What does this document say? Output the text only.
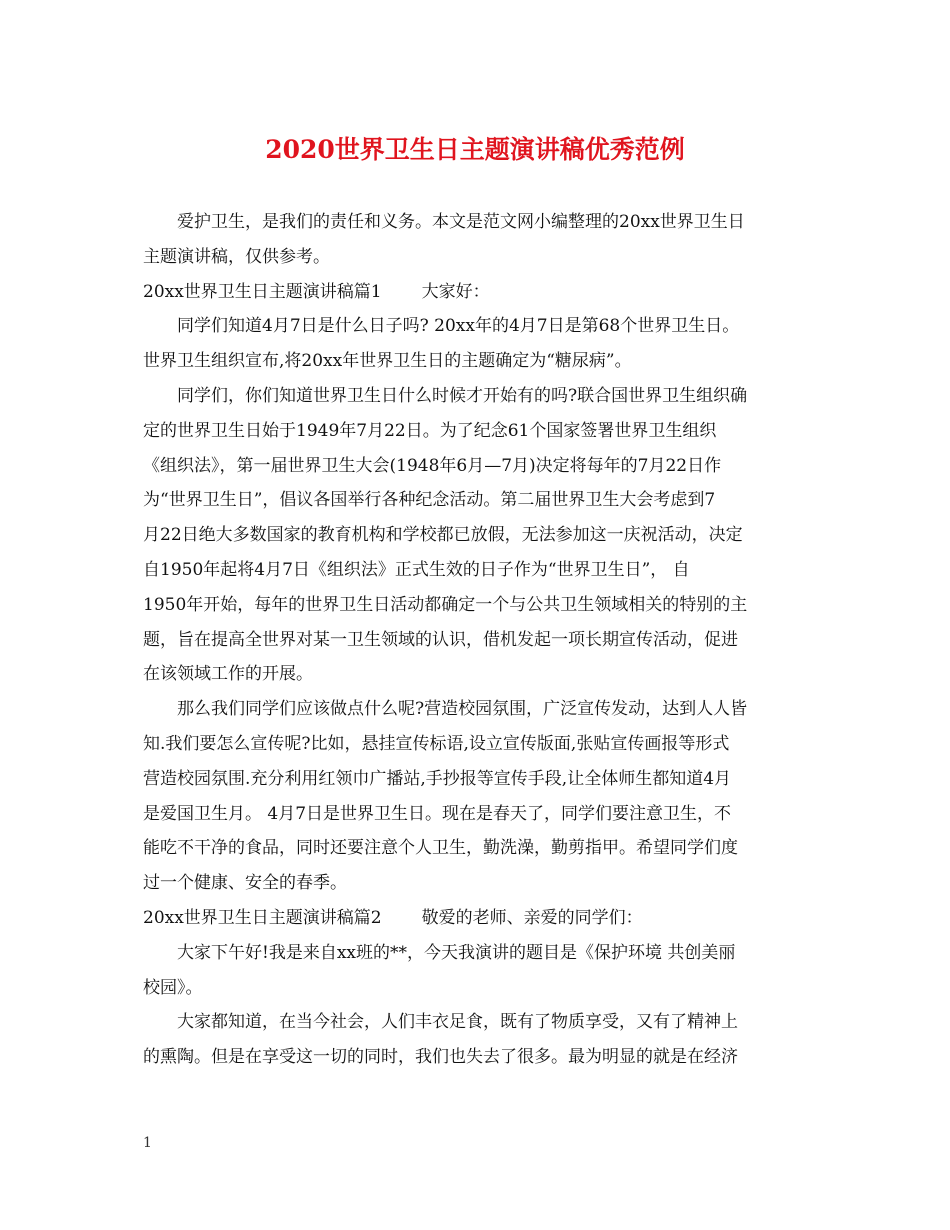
2020世界卫生日主题演讲稿优秀范例

爱护卫生，是我们的责任和义务。本文是范文网小编整理的20xx世界卫生日
主题演讲稿，仅供参考。

20xx世界卫生日主题演讲稿篇1 大家好：

同学们知道4月7日是什么日子吗? 20xx年的4月7日是第68个世界卫生日。
世界卫生组织宣布,将20xx年世界卫生日的主题确定为“糖尿病”。

同学们，你们知道世界卫生日什么时候才开始有的吗?联合国世界卫生组织确
定的世界卫生日始于1949年7月22日。为了纪念61个国家签署世界卫生组织
《组织法》，第一届世界卫生大会(1948年6月—7月)决定将每年的7月22日作
为“世界卫生日”，倡议各国举行各种纪念活动。第二届世界卫生大会考虑到7
月22日绝大多数国家的教育机构和学校都已放假，无法参加这一庆祝活动，决定
自1950年起将4月7日《组织法》正式生效的日子作为“世界卫生日”， 自
1950年开始，每年的世界卫生日活动都确定一个与公共卫生领域相关的特别的主
题，旨在提高全世界对某一卫生领域的认识，借机发起一项长期宣传活动，促进
在该领域工作的开展。

那么我们同学们应该做点什么呢?营造校园氛围，广泛宣传发动，达到人人皆
知.我们要怎么宣传呢?比如，悬挂宣传标语,设立宣传版面,张贴宣传画报等形式
营造校园氛围.充分利用红领巾广播站,手抄报等宣传手段,让全体师生都知道4月
是爱国卫生月。 4月7日是世界卫生日。现在是春天了，同学们要注意卫生，不
能吃不干净的食品，同时还要注意个人卫生，勤洗澡，勤剪指甲。希望同学们度
过一个健康、安全的春季。

20xx世界卫生日主题演讲稿篇2 敬爱的老师、亲爱的同学们：

大家下午好!我是来自xx班的**，今天我演讲的题目是《保护环境 共创美丽
校园》。

大家都知道，在当今社会，人们丰衣足食，既有了物质享受，又有了精神上
的熏陶。但是在享受这一切的同时，我们也失去了很多。最为明显的就是在经济

1
